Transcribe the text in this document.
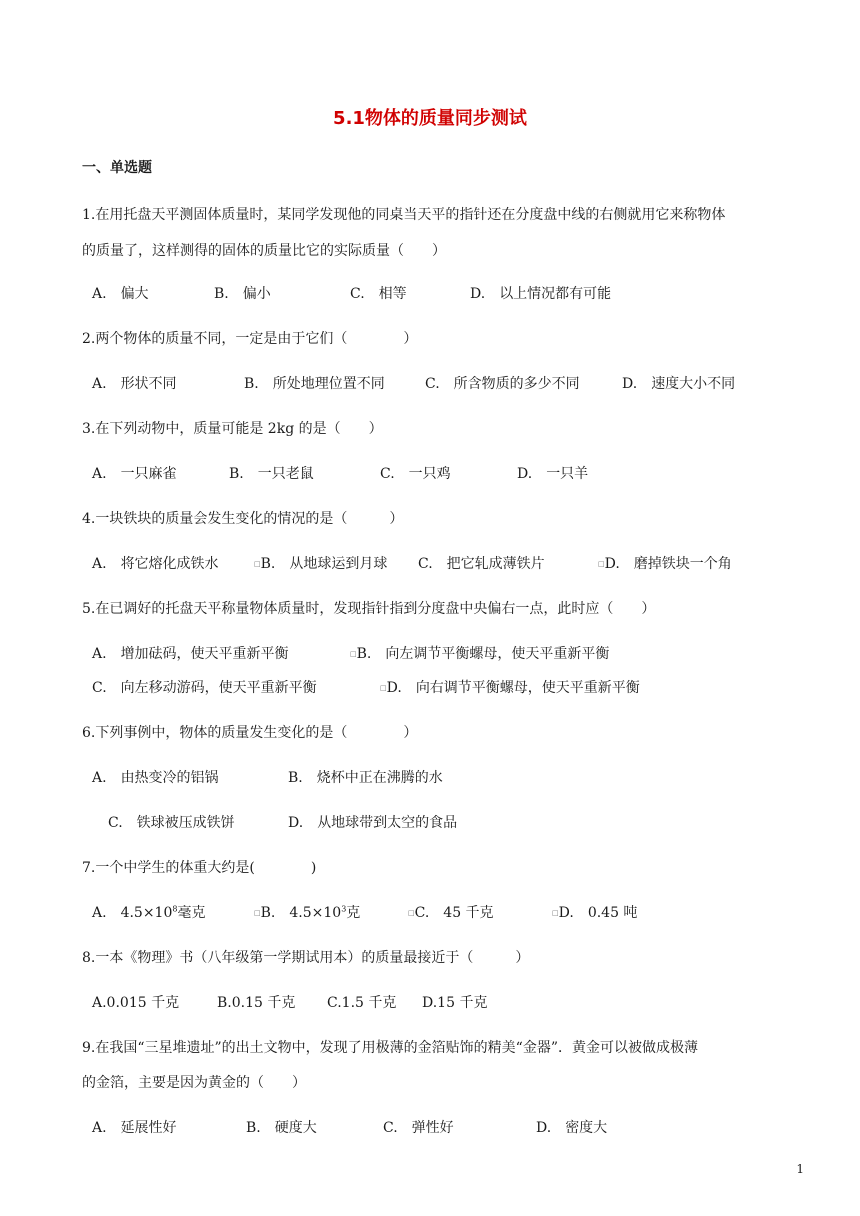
5.1物体的质量同步测试
一、单选题
1.在用托盘天平测固体质量时，某同学发现他的同桌当天平的指针还在分度盘中线的右侧就用它来称物体
的质量了，这样测得的固体的质量比它的实际质量（　　）
A. 偏大	B. 偏小	C. 相等	D. 以上情况都有可能
2.两个物体的质量不同，一定是由于它们（　　　　）
A. 形状不同	B. 所处地理位置不同	C. 所含物质的多少不同	D. 速度大小不同
3.在下列动物中，质量可能是 2kg 的是（　　）
A. 一只麻雀	B. 一只老鼠	C. 一只鸡	D. 一只羊
4.一块铁块的质量会发生变化的情况的是（　　　）
A. 将它熔化成铁水	□B. 从地球运到月球 C. 把它轧成薄铁片	□D. 磨掉铁块一个角
5.在已调好的托盘天平称量物体质量时，发现指针指到分度盘中央偏右一点，此时应（　　）
A. 增加砝码，使天平重新平衡	□B. 向左调节平衡螺母，使天平重新平衡
C. 向左移动游码，使天平重新平衡	□D. 向右调节平衡螺母，使天平重新平衡
6.下列事例中，物体的质量发生变化的是（　　　　）
A. 由热变冷的铝锅	B. 烧杯中正在沸腾的水
C. 铁球被压成铁饼	D. 从地球带到太空的食品
7.一个中学生的体重大约是(　　　　)
A. $4.5\times 10^8$毫克	□B. $4.5\times 10^3$克	□C. 45 千克	□D. 0.45 吨
8.一本《物理》书（八年级第一学期试用本）的质量最接近于（　　　）
A.0.015 千克	B.0.15 千克 C.1.5 千克 D.15 千克
9.在我国“三星堆遗址”的出土文物中，发现了用极薄的金箔贴饰的精美“金器”．黄金可以被做成极薄
的金箔，主要是因为黄金的（　　）
A. 延展性好	B. 硬度大	C. 弹性好	D. 密度大
1
